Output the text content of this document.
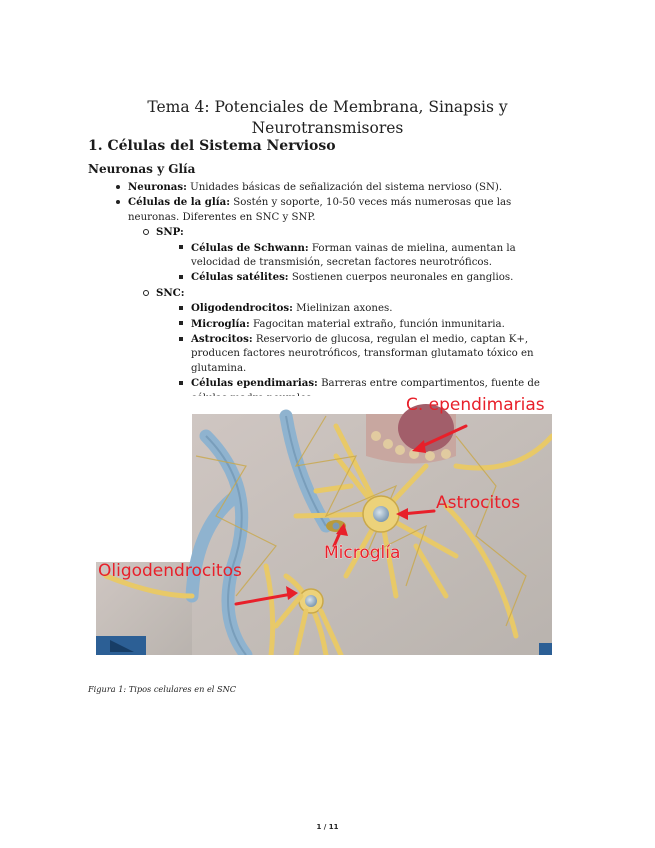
Tema 4: Potenciales de Membrana, Sinapsis y
Neurotransmisores
1. Células del Sistema Nervioso
Neuronas y Glía
Neuronas: Unidades básicas de señalización del sistema nervioso (SN).
Células de la glía: Sostén y soporte, 10-50 veces más numerosas que las neuronas. Diferentes en SNC y SNP.
SNP:
Células de Schwann: Forman vainas de mielina, aumentan la velocidad de transmisión, secretan factores neurotróficos.
Células satélites: Sostienen cuerpos neuronales en ganglios.
SNC:
Oligodendrocitos: Mielinizan axones.
Microglía: Fagocitan material extraño, función inmunitaria.
Astrocitos: Reservorio de glucosa, regulan el medio, captan K+, producen factores neurotróficos, transforman glutamato tóxico en glutamina.
Células ependimarias: Barreras entre compartimentos, fuente de
C. ependimarias
Astrocitos
Microglía
Oligodendrocitos
Figura 1: Tipos celulares en el SNC
1 / 11
